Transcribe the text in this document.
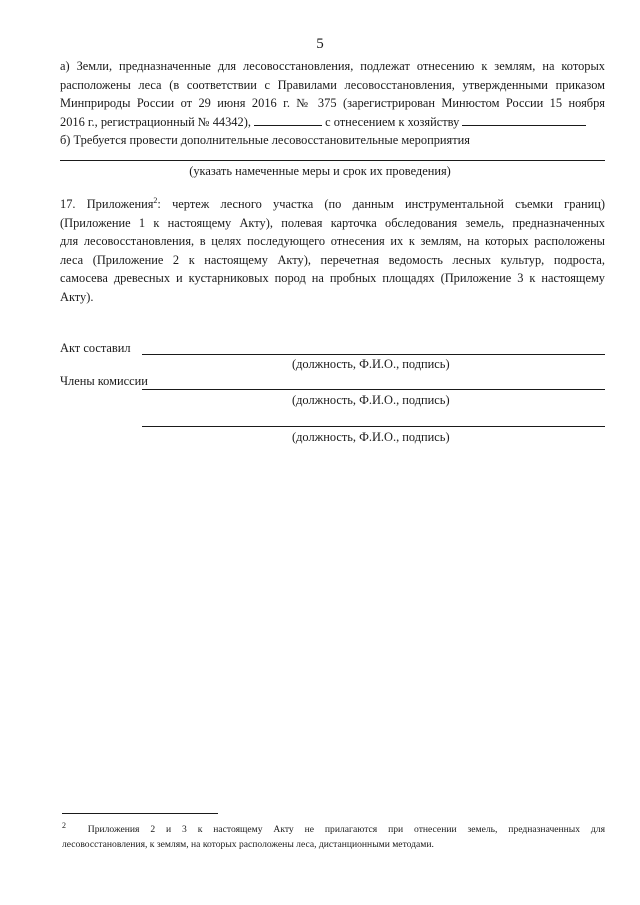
5
а) Земли, предназначенные для лесовосстановления, подлежат отнесению к землям, на которых
расположены леса (в соответствии с Правилами лесовосстановления, утвержденными приказом
Минприроды России от 29 июня 2016 г. № 375 (зарегистрирован Минюстом России 15 ноября
2016 г., регистрационный № 44342),	с отнесением к хозяйству
б) Требуется провести дополнительные лесовосстановительные мероприятия
(указать намеченные меры и срок их проведения)
17. Приложения$^2$: чертеж лесного участка (по данным инструментальной съемки границ)
(Приложение 1 к настоящему Акту), полевая карточка обследования земель, предназначенных
для лесовосстановления, в целях последующего отнесения их к землям, на которых расположены
леса (Приложение 2 к настоящему Акту), перечетная ведомость лесных культур, подроста,
самосева древесных и кустарниковых пород на пробных площадях (Приложение 3 к настоящему
Акту).
Акт составил
(должность, Ф.И.О., подпись)
Члены комиссии
(должность, Ф.И.О., подпись)
(должность, Ф.И.О., подпись)
$^2$ Приложения 2 и 3 к настоящему Акту не прилагаются при отнесении земель, предназначенных для
лесовосстановления, к землям, на которых расположены леса, дистанционными методами.
